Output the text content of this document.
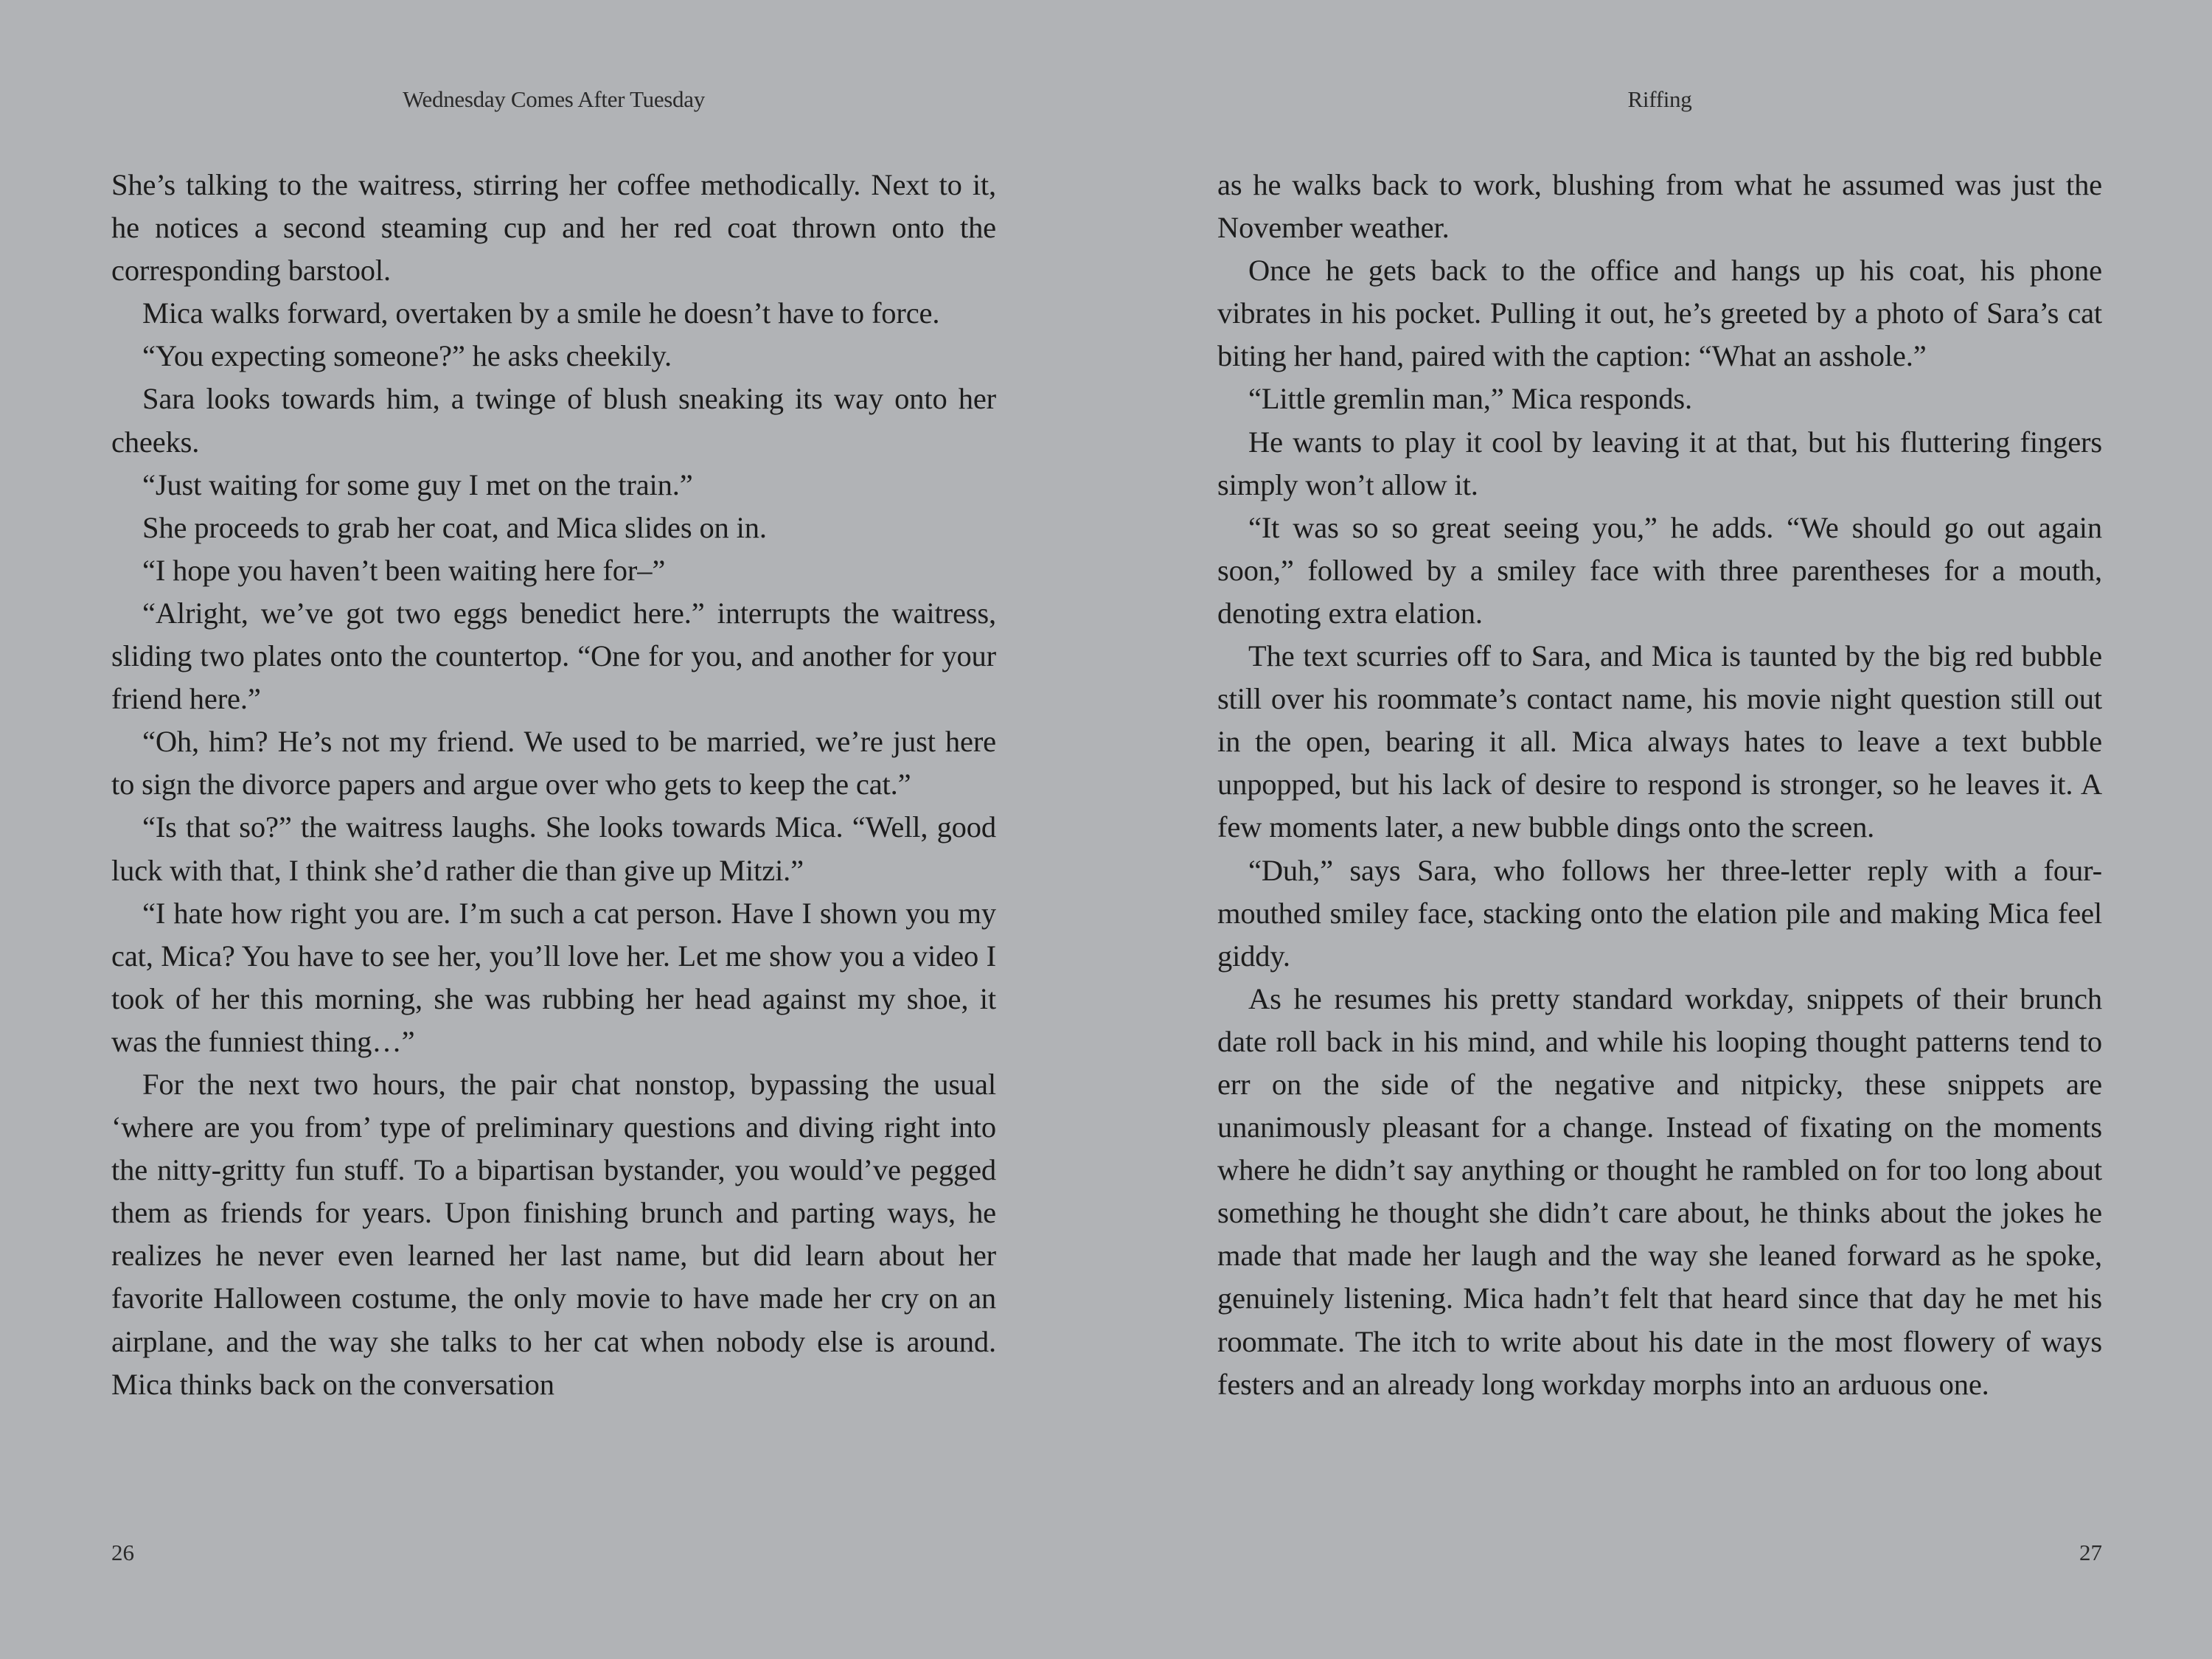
Wednesday Comes After Tuesday

She’s talking to the waitress, stirring her coffee methodically. Next to it, he notices a second steaming cup and her red coat thrown onto the corresponding barstool.

Mica walks forward, overtaken by a smile he doesn’t have to force.

“You expecting someone?” he asks cheekily.

Sara looks towards him, a twinge of blush sneaking its way onto her cheeks.

“Just waiting for some guy I met on the train.”

She proceeds to grab her coat, and Mica slides on in.

“I hope you haven’t been waiting here for–”

“Alright, we’ve got two eggs benedict here.” interrupts the waitress, sliding two plates onto the countertop. “One for you, and another for your friend here.”

“Oh, him? He’s not my friend. We used to be married, we’re just here to sign the divorce papers and argue over who gets to keep the cat.”

“Is that so?” the waitress laughs. She looks towards Mica. “Well, good luck with that, I think she’d rather die than give up Mitzi.”

“I hate how right you are. I’m such a cat person. Have I shown you my cat, Mica? You have to see her, you’ll love her. Let me show you a video I took of her this morning, she was rubbing her head against my shoe, it was the funniest thing…”

For the next two hours, the pair chat nonstop, bypassing the usual ‘where are you from’ type of preliminary questions and diving right into the nitty-gritty fun stuff. To a bipartisan bystander, you would’ve pegged them as friends for years. Upon finishing brunch and parting ways, he realizes he never even learned her last name, but did learn about her favorite Halloween costume, the only movie to have made her cry on an airplane, and the way she talks to her cat when nobody else is around. Mica thinks back on the conversation

26
Riffing

as he walks back to work, blushing from what he assumed was just the November weather.

Once he gets back to the office and hangs up his coat, his phone vibrates in his pocket. Pulling it out, he’s greeted by a photo of Sara’s cat biting her hand, paired with the caption: “What an asshole.”

“Little gremlin man,” Mica responds.

He wants to play it cool by leaving it at that, but his fluttering fingers simply won’t allow it.

“It was so so great seeing you,” he adds. “We should go out again soon,” followed by a smiley face with three parentheses for a mouth, denoting extra elation.

The text scurries off to Sara, and Mica is taunted by the big red bubble still over his roommate’s contact name, his movie night question still out in the open, bearing it all. Mica always hates to leave a text bubble unpopped, but his lack of desire to respond is stronger, so he leaves it. A few moments later, a new bubble dings onto the screen.

“Duh,” says Sara, who follows her three-letter reply with a four-mouthed smiley face, stacking onto the elation pile and making Mica feel giddy.

As he resumes his pretty standard workday, snippets of their brunch date roll back in his mind, and while his looping thought patterns tend to err on the side of the negative and nitpicky, these snippets are unanimously pleasant for a change. Instead of fixating on the moments where he didn’t say anything or thought he rambled on for too long about something he thought she didn’t care about, he thinks about the jokes he made that made her laugh and the way she leaned forward as he spoke, genuinely listening. Mica hadn’t felt that heard since that day he met his roommate. The itch to write about his date in the most flowery of ways festers and an already long workday morphs into an arduous one.

27
